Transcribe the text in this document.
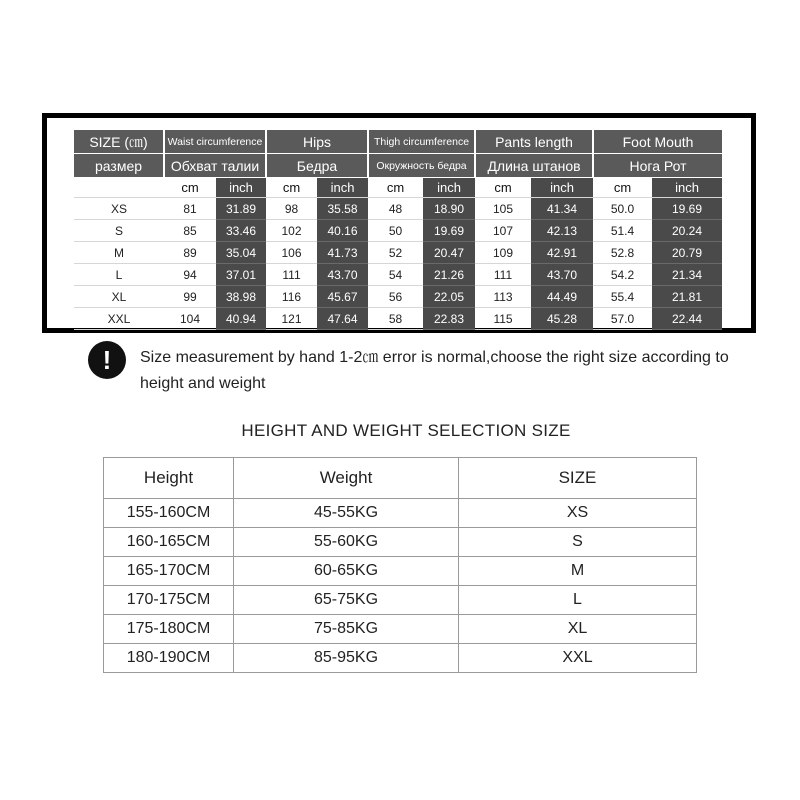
SIZE (㎝)	Waist circumference		Hips		Thigh circumference		Pants length		Foot Mouth	
размер	Обхват талии		Бедра		Окружность бедра		Длина штанов		Нога Рот	
	cm	inch	cm	inch	cm	inch	cm	inch	cm	inch
XS	81	31.89	98	35.58	48	18.90	105	41.34	50.0	19.69
S	85	33.46	102	40.16	50	19.69	107	42.13	51.4	20.24
M	89	35.04	106	41.73	52	20.47	109	42.91	52.8	20.79
L	94	37.01	111	43.70	54	21.26	111	43.70	54.2	21.34
XL	99	38.98	116	45.67	56	22.05	113	44.49	55.4	21.81
XXL	104	40.94	121	47.64	58	22.83	115	45.28	57.0	22.44
!	Size measurement by hand 1-2㎝ error is normal,choose the right size according to height and weight
HEIGHT AND WEIGHT SELECTION SIZE
Height	Weight	SIZE
155-160CM	45-55KG	XS
160-165CM	55-60KG	S
165-170CM	60-65KG	M
170-175CM	65-75KG	L
175-180CM	75-85KG	XL
180-190CM	85-95KG	XXL
